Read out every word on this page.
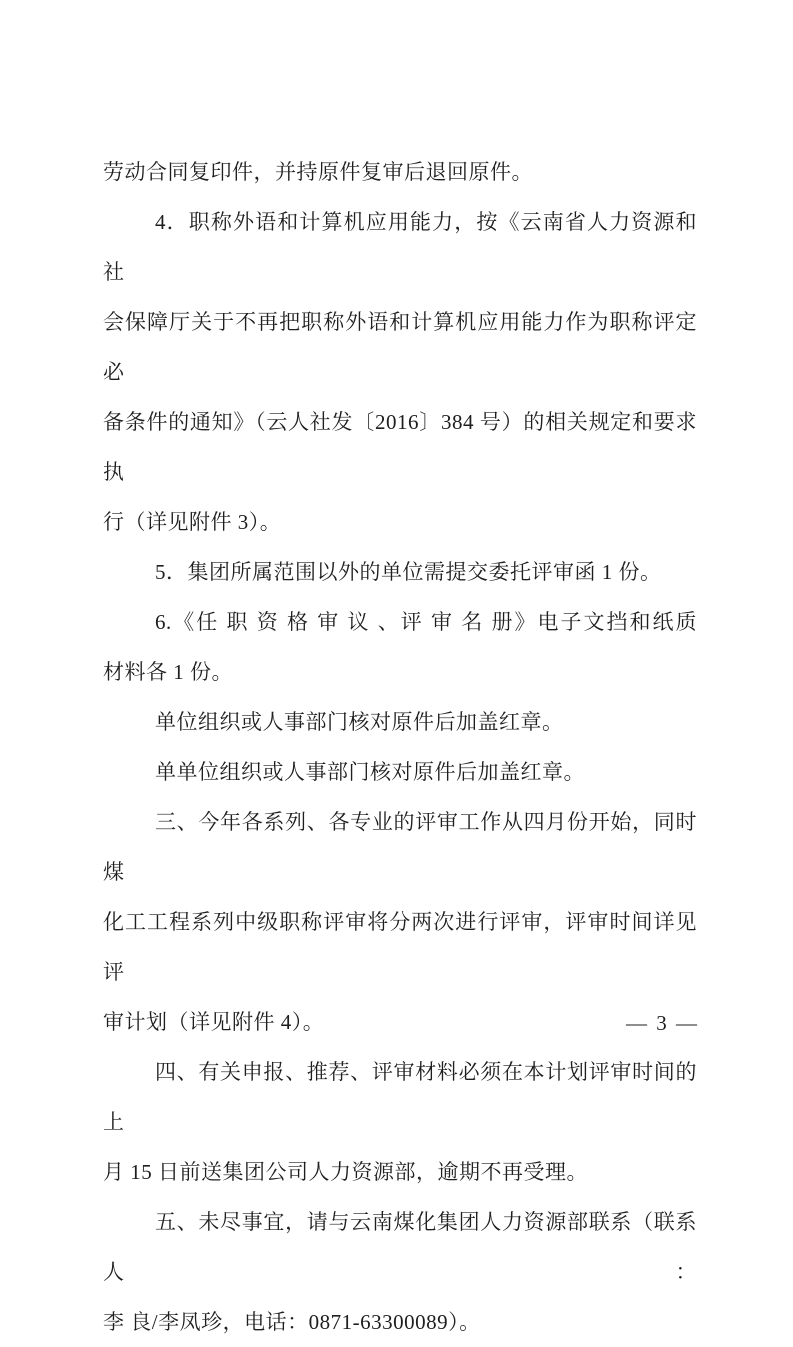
劳动合同复印件，并持原件复审后退回原件。
4．职称外语和计算机应用能力，按《云南省人力资源和社
会保障厅关于不再把职称外语和计算机应用能力作为职称评定必
备条件的通知》（云人社发〔2016〕384 号）的相关规定和要求执
行（详见附件 3）。
5．集团所属范围以外的单位需提交委托评审函 1 份。
6.《任 职 资 格 审 议 、评 审 名 册》电子文挡和纸质
材料各 1 份。
单位组织或人事部门核对原件后加盖红章。
单单位组织或人事部门核对原件后加盖红章。
三、今年各系列、各专业的评审工作从四月份开始，同时煤
化工工程系列中级职称评审将分两次进行评审，评审时间详见评
审计划（详见附件 4）。
四、有关申报、推荐、评审材料必须在本计划评审时间的上
月 15 日前送集团公司人力资源部，逾期不再受理。
五、未尽事宜，请与云南煤化集团人力资源部联系（联系人：
李 良/李凤珍，电话：0871-63300089）。
— 3 —
